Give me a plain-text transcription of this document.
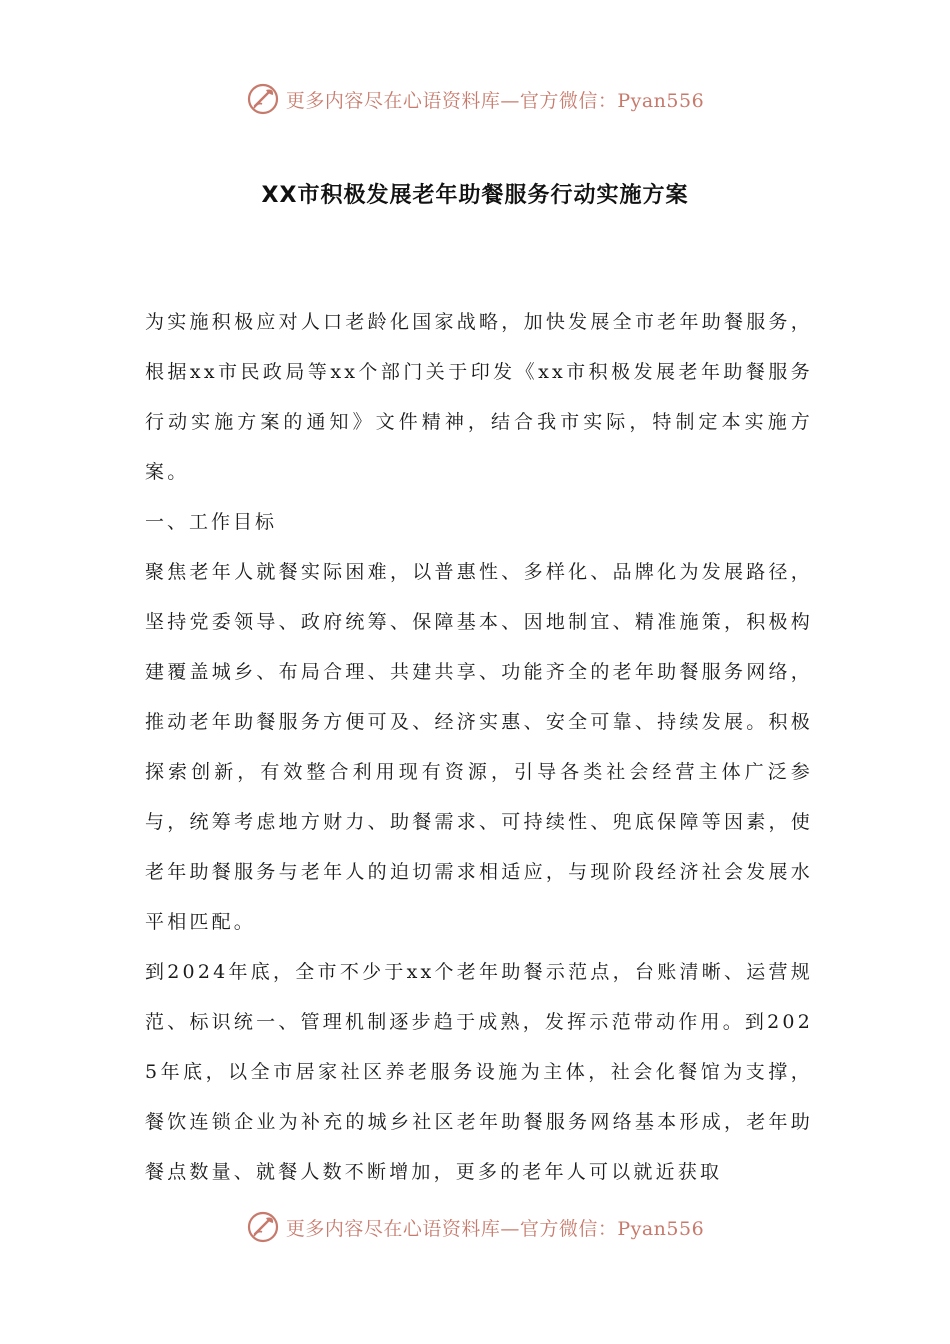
更多内容尽在心语资料库—官方微信：Pyan556
XX市积极发展老年助餐服务行动实施方案

为实施积极应对人口老龄化国家战略，加快发展全市老年助餐服务，根据xx市民政局等xx个部门关于印发《xx市积极发展老年助餐服务行动实施方案的通知》文件精神，结合我市实际，特制定本实施方案。

一、工作目标

聚焦老年人就餐实际困难，以普惠性、多样化、品牌化为发展路径，坚持党委领导、政府统筹、保障基本、因地制宜、精准施策，积极构建覆盖城乡、布局合理、共建共享、功能齐全的老年助餐服务网络，推动老年助餐服务方便可及、经济实惠、安全可靠、持续发展。积极探索创新，有效整合利用现有资源，引导各类社会经营主体广泛参与，统筹考虑地方财力、助餐需求、可持续性、兜底保障等因素，使老年助餐服务与老年人的迫切需求相适应，与现阶段经济社会发展水平相匹配。

到2024年底，全市不少于xx个老年助餐示范点，台账清晰、运营规范、标识统一、管理机制逐步趋于成熟，发挥示范带动作用。到2025年底，以全市居家社区养老服务设施为主体，社会化餐馆为支撑，餐饮连锁企业为补充的城乡社区老年助餐服务网络基本形成，老年助餐点数量、就餐人数不断增加，更多的老年人可以就近获取

更多内容尽在心语资料库—官方微信：Pyan556
